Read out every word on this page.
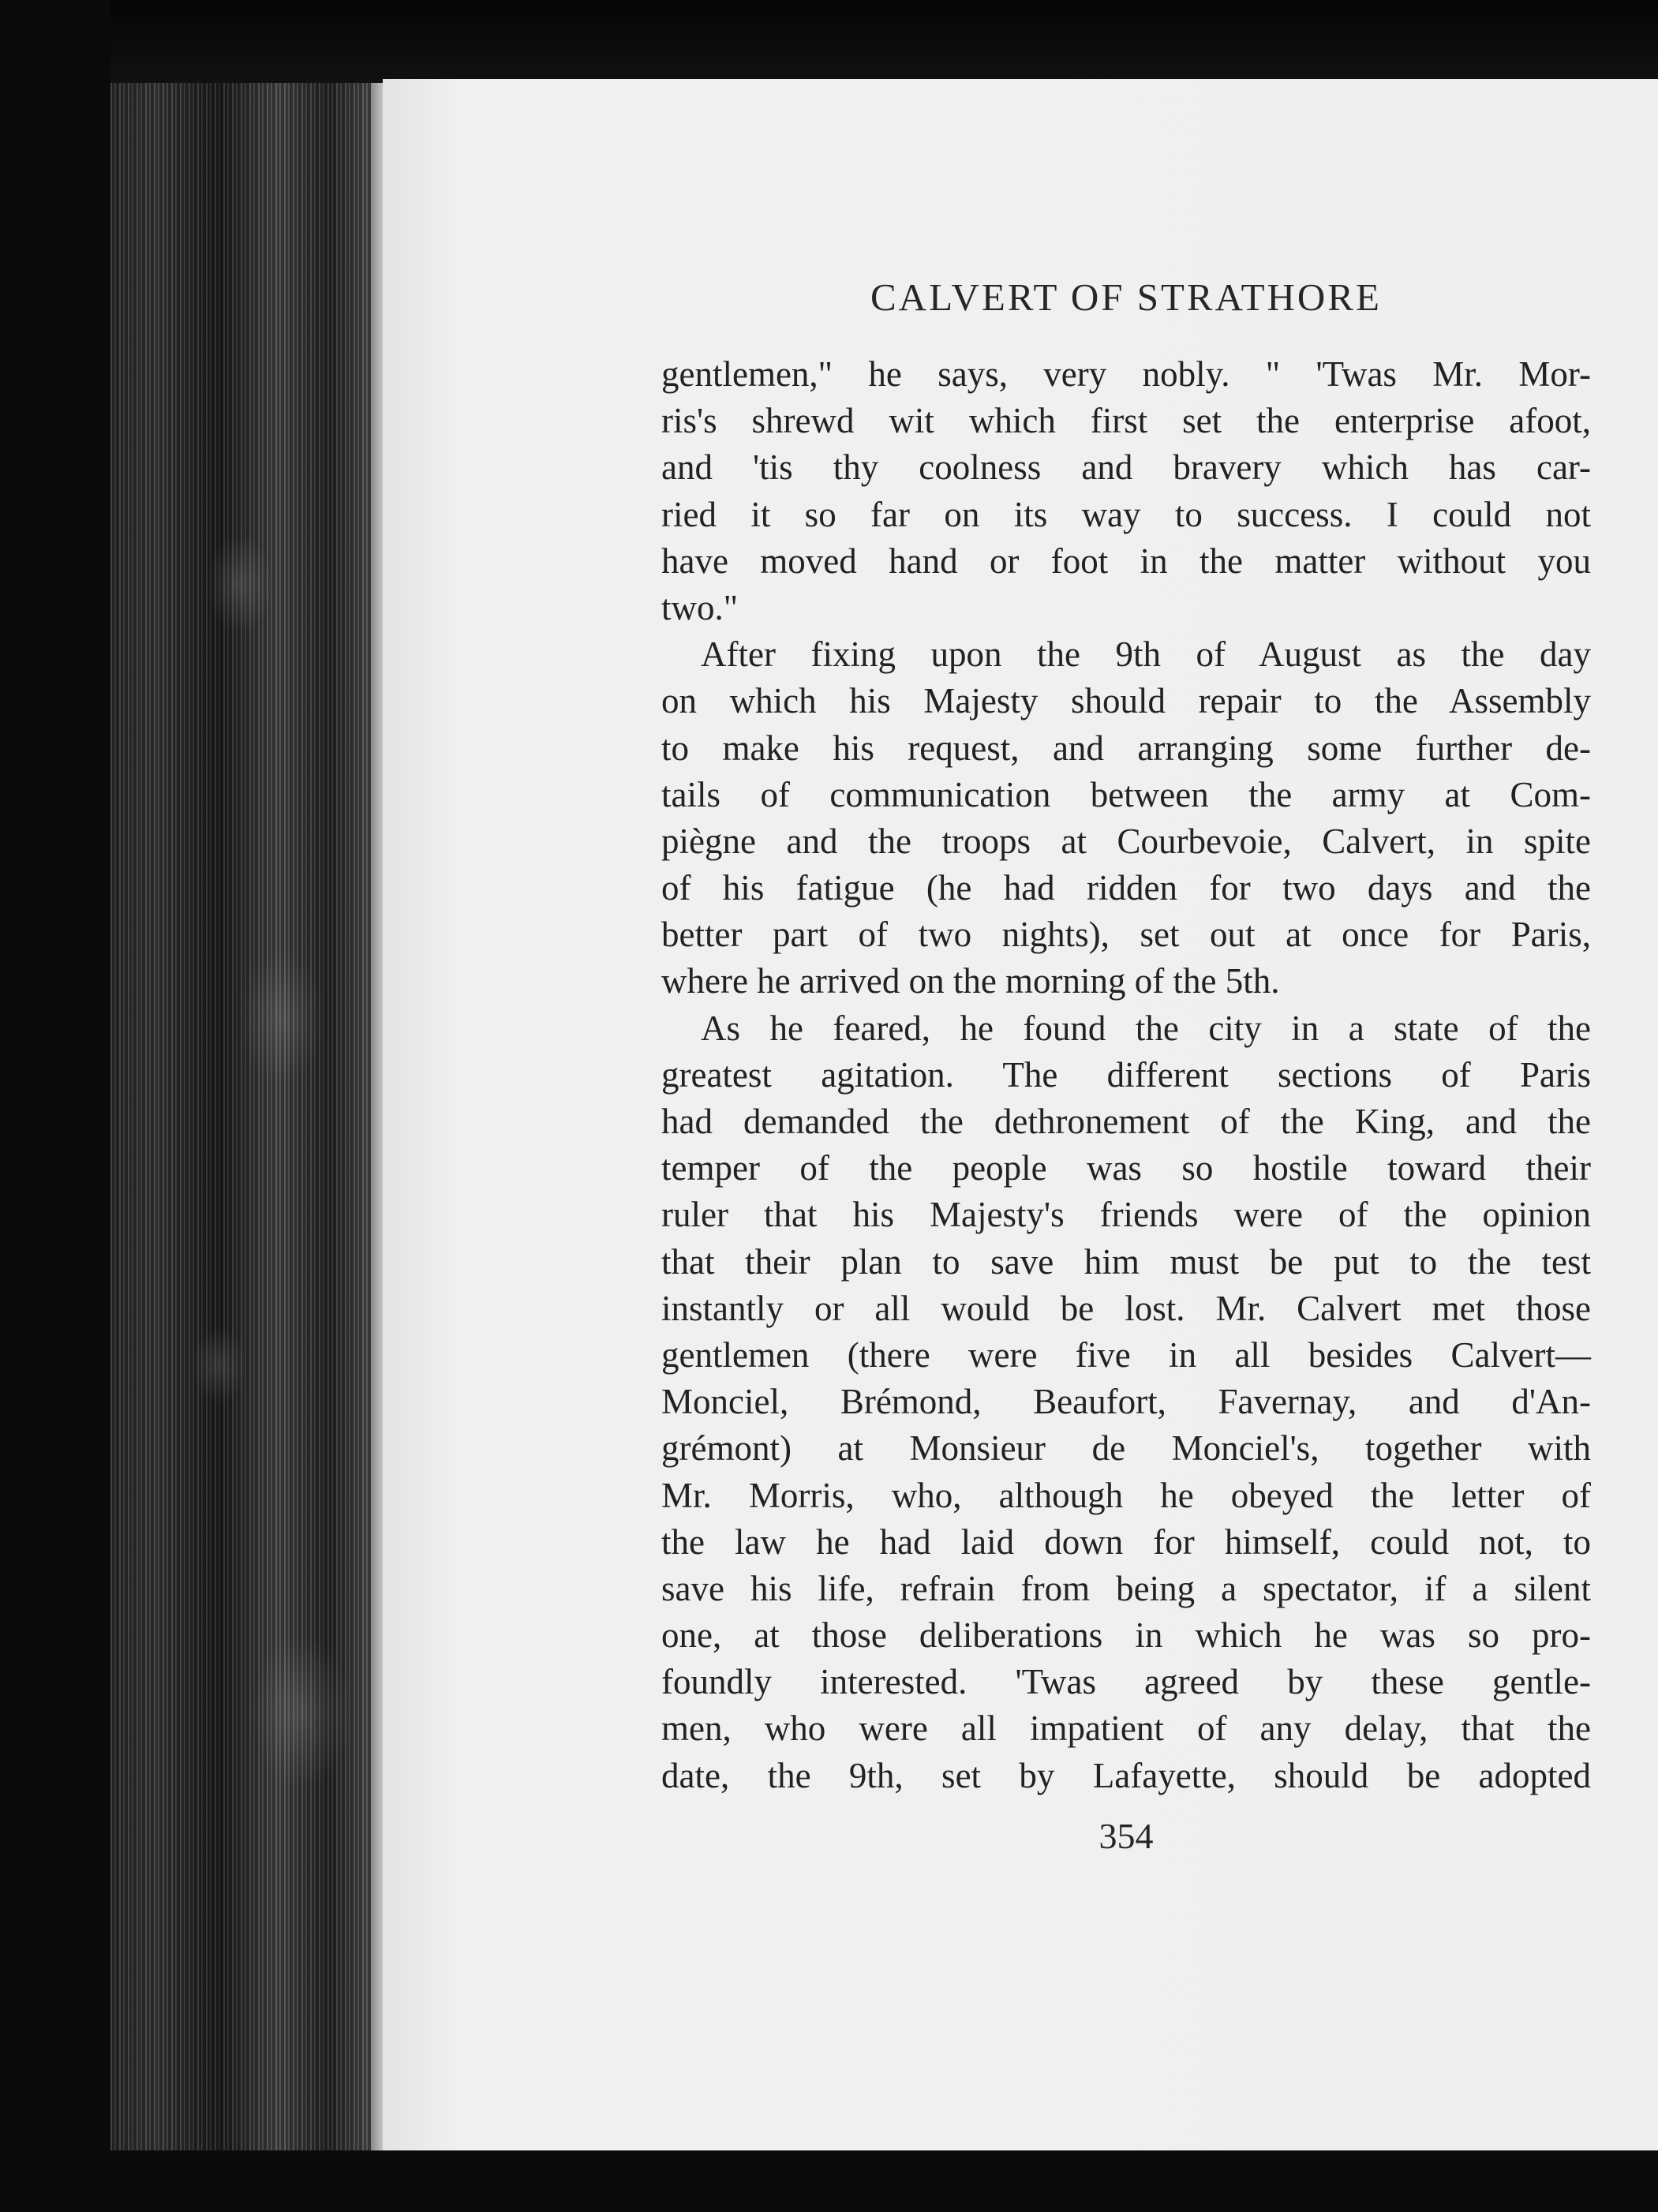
CALVERT OF STRATHORE
gentlemen," he says, very nobly. " 'Twas Mr. Mor-
ris's shrewd wit which first set the enterprise afoot,
and 'tis thy coolness and bravery which has car-
ried it so far on its way to success. I could not
have moved hand or foot in the matter without you
two."
After fixing upon the 9th of August as the day
on which his Majesty should repair to the Assembly
to make his request, and arranging some further de-
tails of communication between the army at Com-
piègne and the troops at Courbevoie, Calvert, in spite
of his fatigue (he had ridden for two days and the
better part of two nights), set out at once for Paris,
where he arrived on the morning of the 5th.
As he feared, he found the city in a state of the
greatest agitation. The different sections of Paris
had demanded the dethronement of the King, and the
temper of the people was so hostile toward their
ruler that his Majesty's friends were of the opinion
that their plan to save him must be put to the test
instantly or all would be lost. Mr. Calvert met those
gentlemen (there were five in all besides Calvert—
Monciel, Brémond, Beaufort, Favernay, and d'An-
grémont) at Monsieur de Monciel's, together with
Mr. Morris, who, although he obeyed the letter of
the law he had laid down for himself, could not, to
save his life, refrain from being a spectator, if a silent
one, at those deliberations in which he was so pro-
foundly interested. 'Twas agreed by these gentle-
men, who were all impatient of any delay, that the
date, the 9th, set by Lafayette, should be adopted
354
